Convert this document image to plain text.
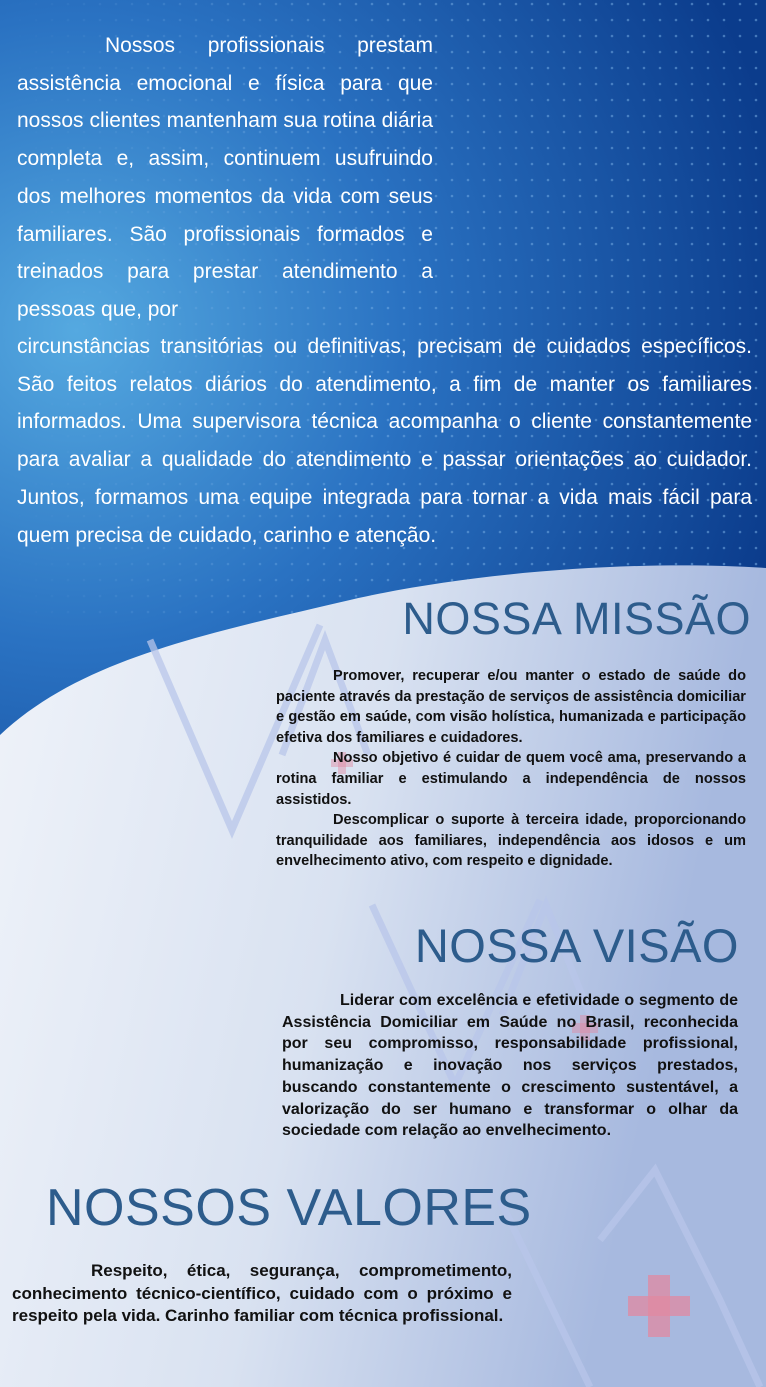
Nossos profissionais prestam assistência emocional e física para que nossos clientes mantenham sua rotina diária completa e, assim, continuem usufruindo dos melhores momentos da vida com seus familiares. São profissionais formados e treinados para prestar atendimento a pessoas que, por

circunstâncias transitórias ou definitivas, precisam de cuidados específicos. São feitos relatos diários do atendimento, a fim de manter os familiares informados. Uma supervisora técnica acompanha o cliente constantemente para avaliar a qualidade do atendimento e passar orientações ao cuidador. Juntos, formamos uma equipe integrada para tornar a vida mais fácil para quem precisa de cuidado, carinho e atenção.

NOSSA MISSÃO
Promover, recuperar e/ou manter o estado de saúde do paciente através da prestação de serviços de assistência domiciliar e gestão em saúde, com visão holística, humanizada e participação efetiva dos familiares e cuidadores.
Nosso objetivo é cuidar de quem você ama, preservando a rotina familiar e estimulando a independência de nossos assistidos.
Descomplicar o suporte à terceira idade, proporcionando tranquilidade aos familiares, independência aos idosos e um envelhecimento ativo, com respeito e dignidade.
NOSSA VISÃO
Liderar com excelência e efetividade o segmento de Assistência Domiciliar em Saúde no Brasil, reconhecida por seu compromisso, responsabilidade profissional, humanização e inovação nos serviços prestados, buscando constantemente o crescimento sustentável, a valorização do ser humano e transformar o olhar da sociedade com relação ao envelhecimento.
NOSSOS VALORES
Respeito, ética, segurança, comprometimento, conhecimento técnico-científico, cuidado com o próximo e respeito pela vida. Carinho familiar com técnica profissional.
